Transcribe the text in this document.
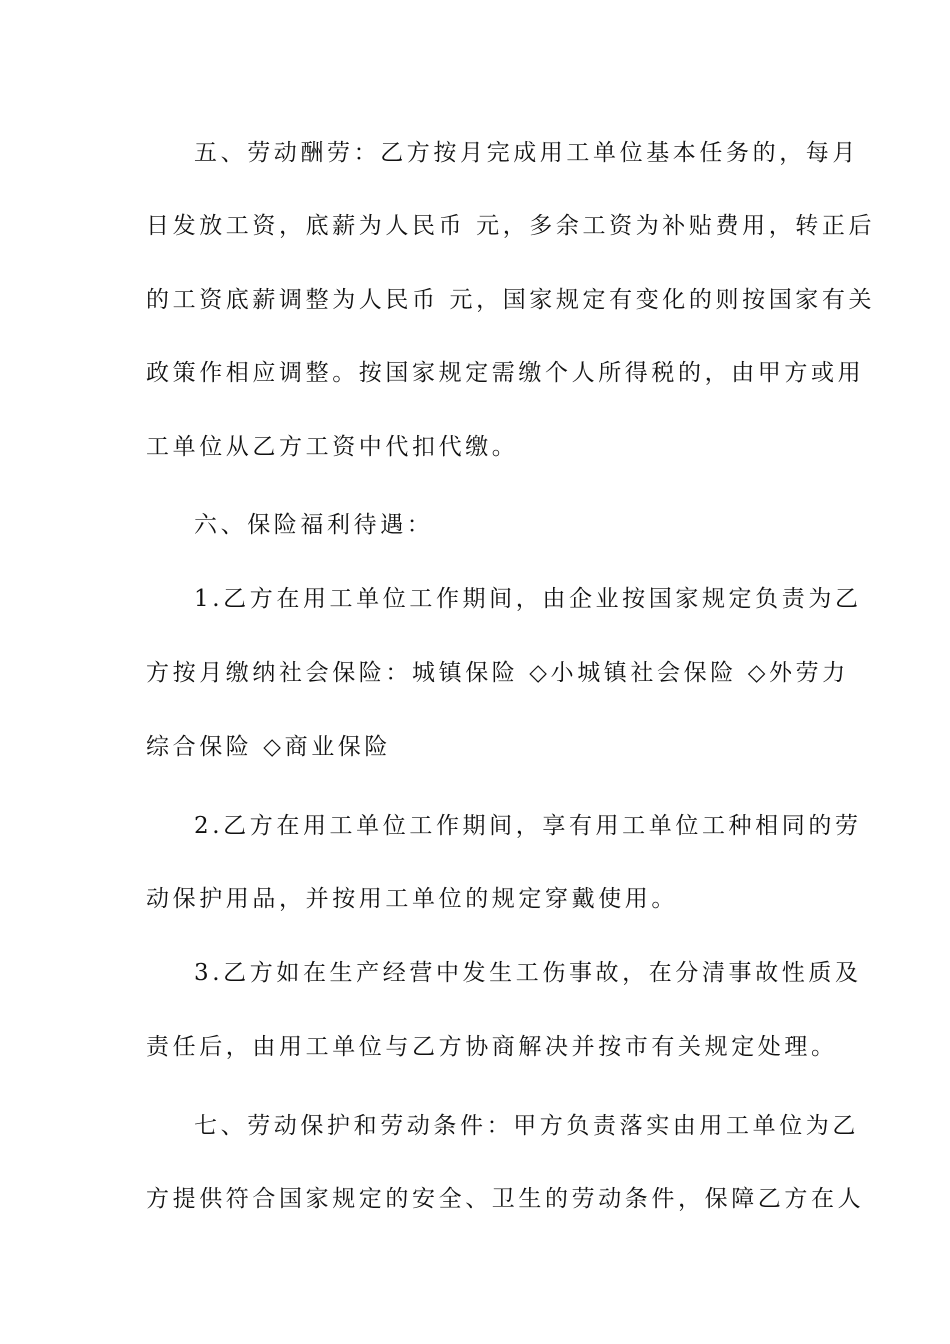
五、劳动酬劳：乙方按月完成用工单位基本任务的，每月
日发放工资，底薪为人民币 元，多余工资为补贴费用，转正后
的工资底薪调整为人民币 元，国家规定有变化的则按国家有关
政策作相应调整。按国家规定需缴个人所得税的，由甲方或用
工单位从乙方工资中代扣代缴。
六、保险福利待遇：
1.乙方在用工单位工作期间，由企业按国家规定负责为乙
方按月缴纳社会保险：城镇保险 ◇小城镇社会保险 ◇外劳力
综合保险 ◇商业保险
2.乙方在用工单位工作期间，享有用工单位工种相同的劳
动保护用品，并按用工单位的规定穿戴使用。
3.乙方如在生产经营中发生工伤事故，在分清事故性质及
责任后，由用工单位与乙方协商解决并按市有关规定处理。
七、劳动保护和劳动条件：甲方负责落实由用工单位为乙
方提供符合国家规定的安全、卫生的劳动条件，保障乙方在人
